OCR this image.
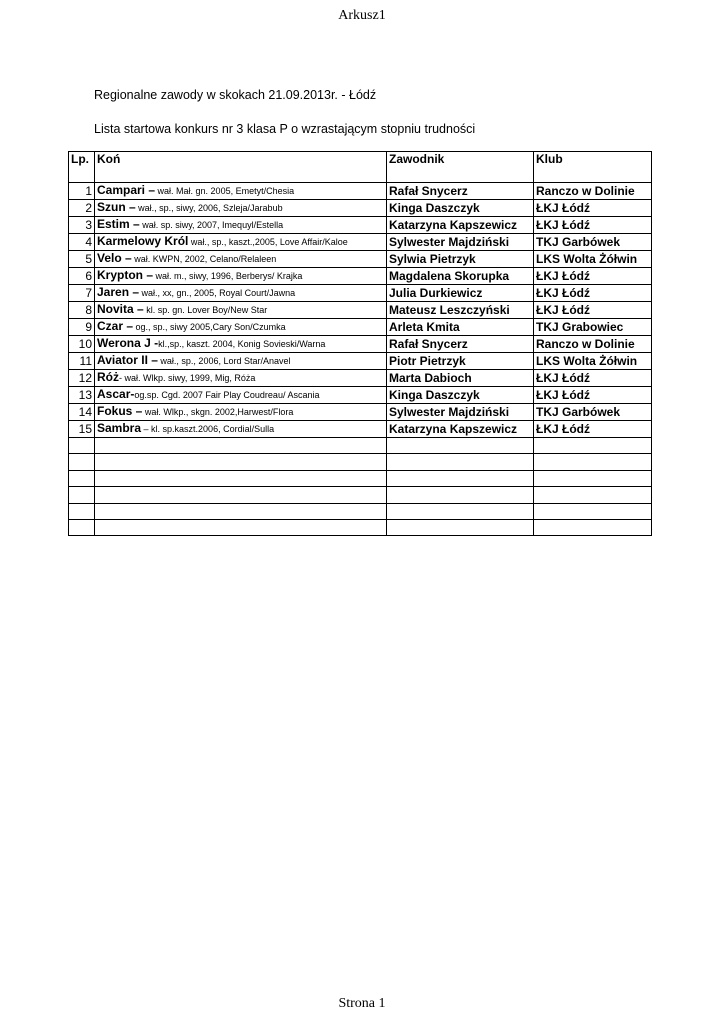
Arkusz1
Regionalne zawody w skokach 21.09.2013r. - Łódź
Lista startowa konkurs nr 3 klasa P o wzrastającym stopniu trudności
Lp.	Koń	Zawodnik	Klub
1	Campari – wał. Mał. gn. 2005, Emetyt/Chesia	Rafał Snycerz	Ranczo w Dolinie
2	Szun – wał., sp., siwy, 2006, Szleja/Jarabub	Kinga Daszczyk	ŁKJ Łódź
3	Estim – wał. sp. siwy, 2007, Imequyl/Estella	Katarzyna Kapszewicz	ŁKJ Łódź
4	Karmelowy Król wał., sp., kaszt.,2005, Love Affair/Kaloe	Sylwester Majdziński	TKJ Garbówek
5	Velo – wał. KWPN, 2002, Celano/Relaleen	Sylwia Pietrzyk	LKS Wolta Żółwin
6	Krypton – wał. m., siwy, 1996, Berberys/ Krajka	Magdalena Skorupka	ŁKJ Łódź
7	Jaren – wał., xx, gn., 2005, Royal Court/Jawna	Julia Durkiewicz	ŁKJ Łódź
8	Novita – kl. sp. gn. Lover Boy/New Star	Mateusz Leszczyński	ŁKJ Łódź
9	Czar – og., sp., siwy 2005,Cary Son/Czumka	Arleta Kmita	TKJ Grabowiec
10	Werona J -kl.,sp., kaszt. 2004, Konig Sovieski/Warna	Rafał Snycerz	Ranczo w Dolinie
11	Aviator II – wał., sp., 2006, Lord Star/Anavel	Piotr Pietrzyk	LKS Wolta Żółwin
12	Róż- wał. Wlkp. siwy, 1999, Mig, Róża	Marta Dabioch	ŁKJ Łódź
13	Ascar-og.sp. Cgd. 2007 Fair Play Coudreau/ Ascania	Kinga Daszczyk	ŁKJ Łódź
14	Fokus – wał. Wlkp., skgn. 2002,Harwest/Flora	Sylwester Majdziński	TKJ Garbówek
15	Sambra – kl. sp.kaszt.2006, Cordial/Sulla	Katarzyna Kapszewicz	ŁKJ Łódź

Strona 1
